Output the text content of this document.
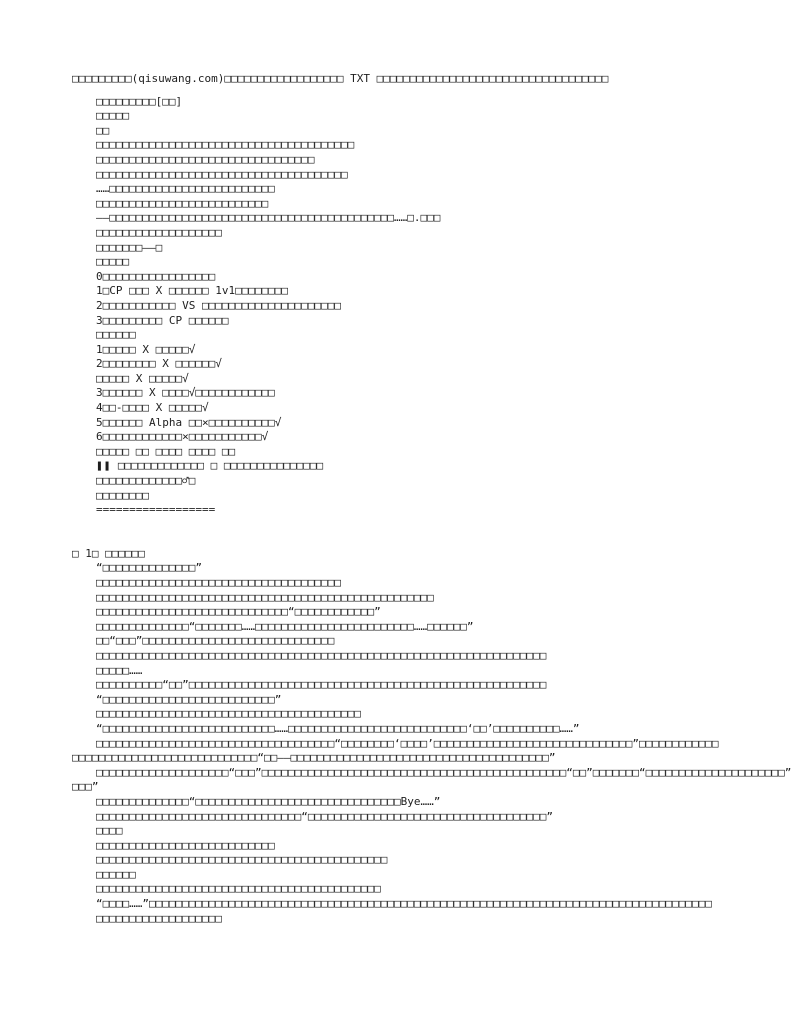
□□□□□□□□□(qisuwang.com)□□□□□□□□□□□□□□□□□□ TXT □□□□□□□□□□□□□□□□□□□□□□□□□□□□□□□□□□□
□□□□□□□□□[□□]
□□□□□
□□
□□□□□□□□□□□□□□□□□□□□□□□□□□□□□□□□□□□□□□□
□□□□□□□□□□□□□□□□□□□□□□□□□□□□□□□□□
□□□□□□□□□□□□□□□□□□□□□□□□□□□□□□□□□□□□□□
……□□□□□□□□□□□□□□□□□□□□□□□□□
□□□□□□□□□□□□□□□□□□□□□□□□□□
——□□□□□□□□□□□□□□□□□□□□□□□□□□□□□□□□□□□□□□□□□□□……□.□□□
□□□□□□□□□□□□□□□□□□□
□□□□□□□——□
□□□□□
0□□□□□□□□□□□□□□□□□
1□CP □□□ X □□□□□□ 1v1□□□□□□□□
2□□□□□□□□□□□ VS □□□□□□□□□□□□□□□□□□□□□
3□□□□□□□□□ CP □□□□□□
□□□□□□
1□□□□□ X □□□□□√
2□□□□□□□□ X □□□□□□√
□□□□□ X □□□□□√
3□□□□□□ X □□□□√□□□□□□□□□□□□
4□□-□□□□ X □□□□□√
5□□□□□□ Alpha □□×□□□□□□□□□□√
6□□□□□□□□□□□□×□□□□□□□□□□□√
□□□□□ □□ □□□□ □□□□ □□
❚❚ □□□□□□□□□□□□□ □ □□□□□□□□□□□□□□□
□□□□□□□□□□□□□♂□
□□□□□□□□
==================
□ 1□ □□□□□□
“□□□□□□□□□□□□□□”
□□□□□□□□□□□□□□□□□□□□□□□□□□□□□□□□□□□□□
□□□□□□□□□□□□□□□□□□□□□□□□□□□□□□□□□□□□□□□□□□□□□□□□□□□
□□□□□□□□□□□□□□□□□□□□□□□□□□□□□“□□□□□□□□□□□□”
□□□□□□□□□□□□□□“□□□□□□□……□□□□□□□□□□□□□□□□□□□□□□□□……□□□□□□”
□□“□□□”□□□□□□□□□□□□□□□□□□□□□□□□□□□□□
□□□□□□□□□□□□□□□□□□□□□□□□□□□□□□□□□□□□□□□□□□□□□□□□□□□□□□□□□□□□□□□□□□□□
□□□□□……
□□□□□□□□□□“□□”□□□□□□□□□□□□□□□□□□□□□□□□□□□□□□□□□□□□□□□□□□□□□□□□□□□□□□
“□□□□□□□□□□□□□□□□□□□□□□□□□□”
□□□□□□□□□□□□□□□□□□□□□□□□□□□□□□□□□□□□□□□□
“□□□□□□□□□□□□□□□□□□□□□□□□□□……□□□□□□□□□□□□□□□□□□□□□□□□□□□‘□□’□□□□□□□□□□……”
□□□□□□□□□□□□□□□□□□□□□□□□□□□□□□□□□□□□“□□□□□□□□‘□□□□’□□□□□□□□□□□□□□□□□□□□□□□□□□□□□□”□□□□□□□□□□□□
□□□□□□□□□□□□□□□□□□□□□□□□□□□□“□□——□□□□□□□□□□□□□□□□□□□□□□□□□□□□□□□□□□□□□□□”
□□□□□□□□□□□□□□□□□□□□“□□□”□□□□□□□□□□□□□□□□□□□□□□□□□□□□□□□□□□□□□□□□□□□□□□“□□”□□□□□□□“□□□□□□□□□□□□□□□□□□□□□”
□□□”
□□□□□□□□□□□□□□“□□□□□□□□□□□□□□□□□□□□□□□□□□□□□□□Bye……”
□□□□□□□□□□□□□□□□□□□□□□□□□□□□□□□“□□□□□□□□□□□□□□□□□□□□□□□□□□□□□□□□□□□□”
□□□□
□□□□□□□□□□□□□□□□□□□□□□□□□□□
□□□□□□□□□□□□□□□□□□□□□□□□□□□□□□□□□□□□□□□□□□□□
□□□□□□
□□□□□□□□□□□□□□□□□□□□□□□□□□□□□□□□□□□□□□□□□□□
“□□□□……”□□□□□□□□□□□□□□□□□□□□□□□□□□□□□□□□□□□□□□□□□□□□□□□□□□□□□□□□□□□□□□□□□□□□□□□□□□□□□□□□□□□□□
□□□□□□□□□□□□□□□□□□□
